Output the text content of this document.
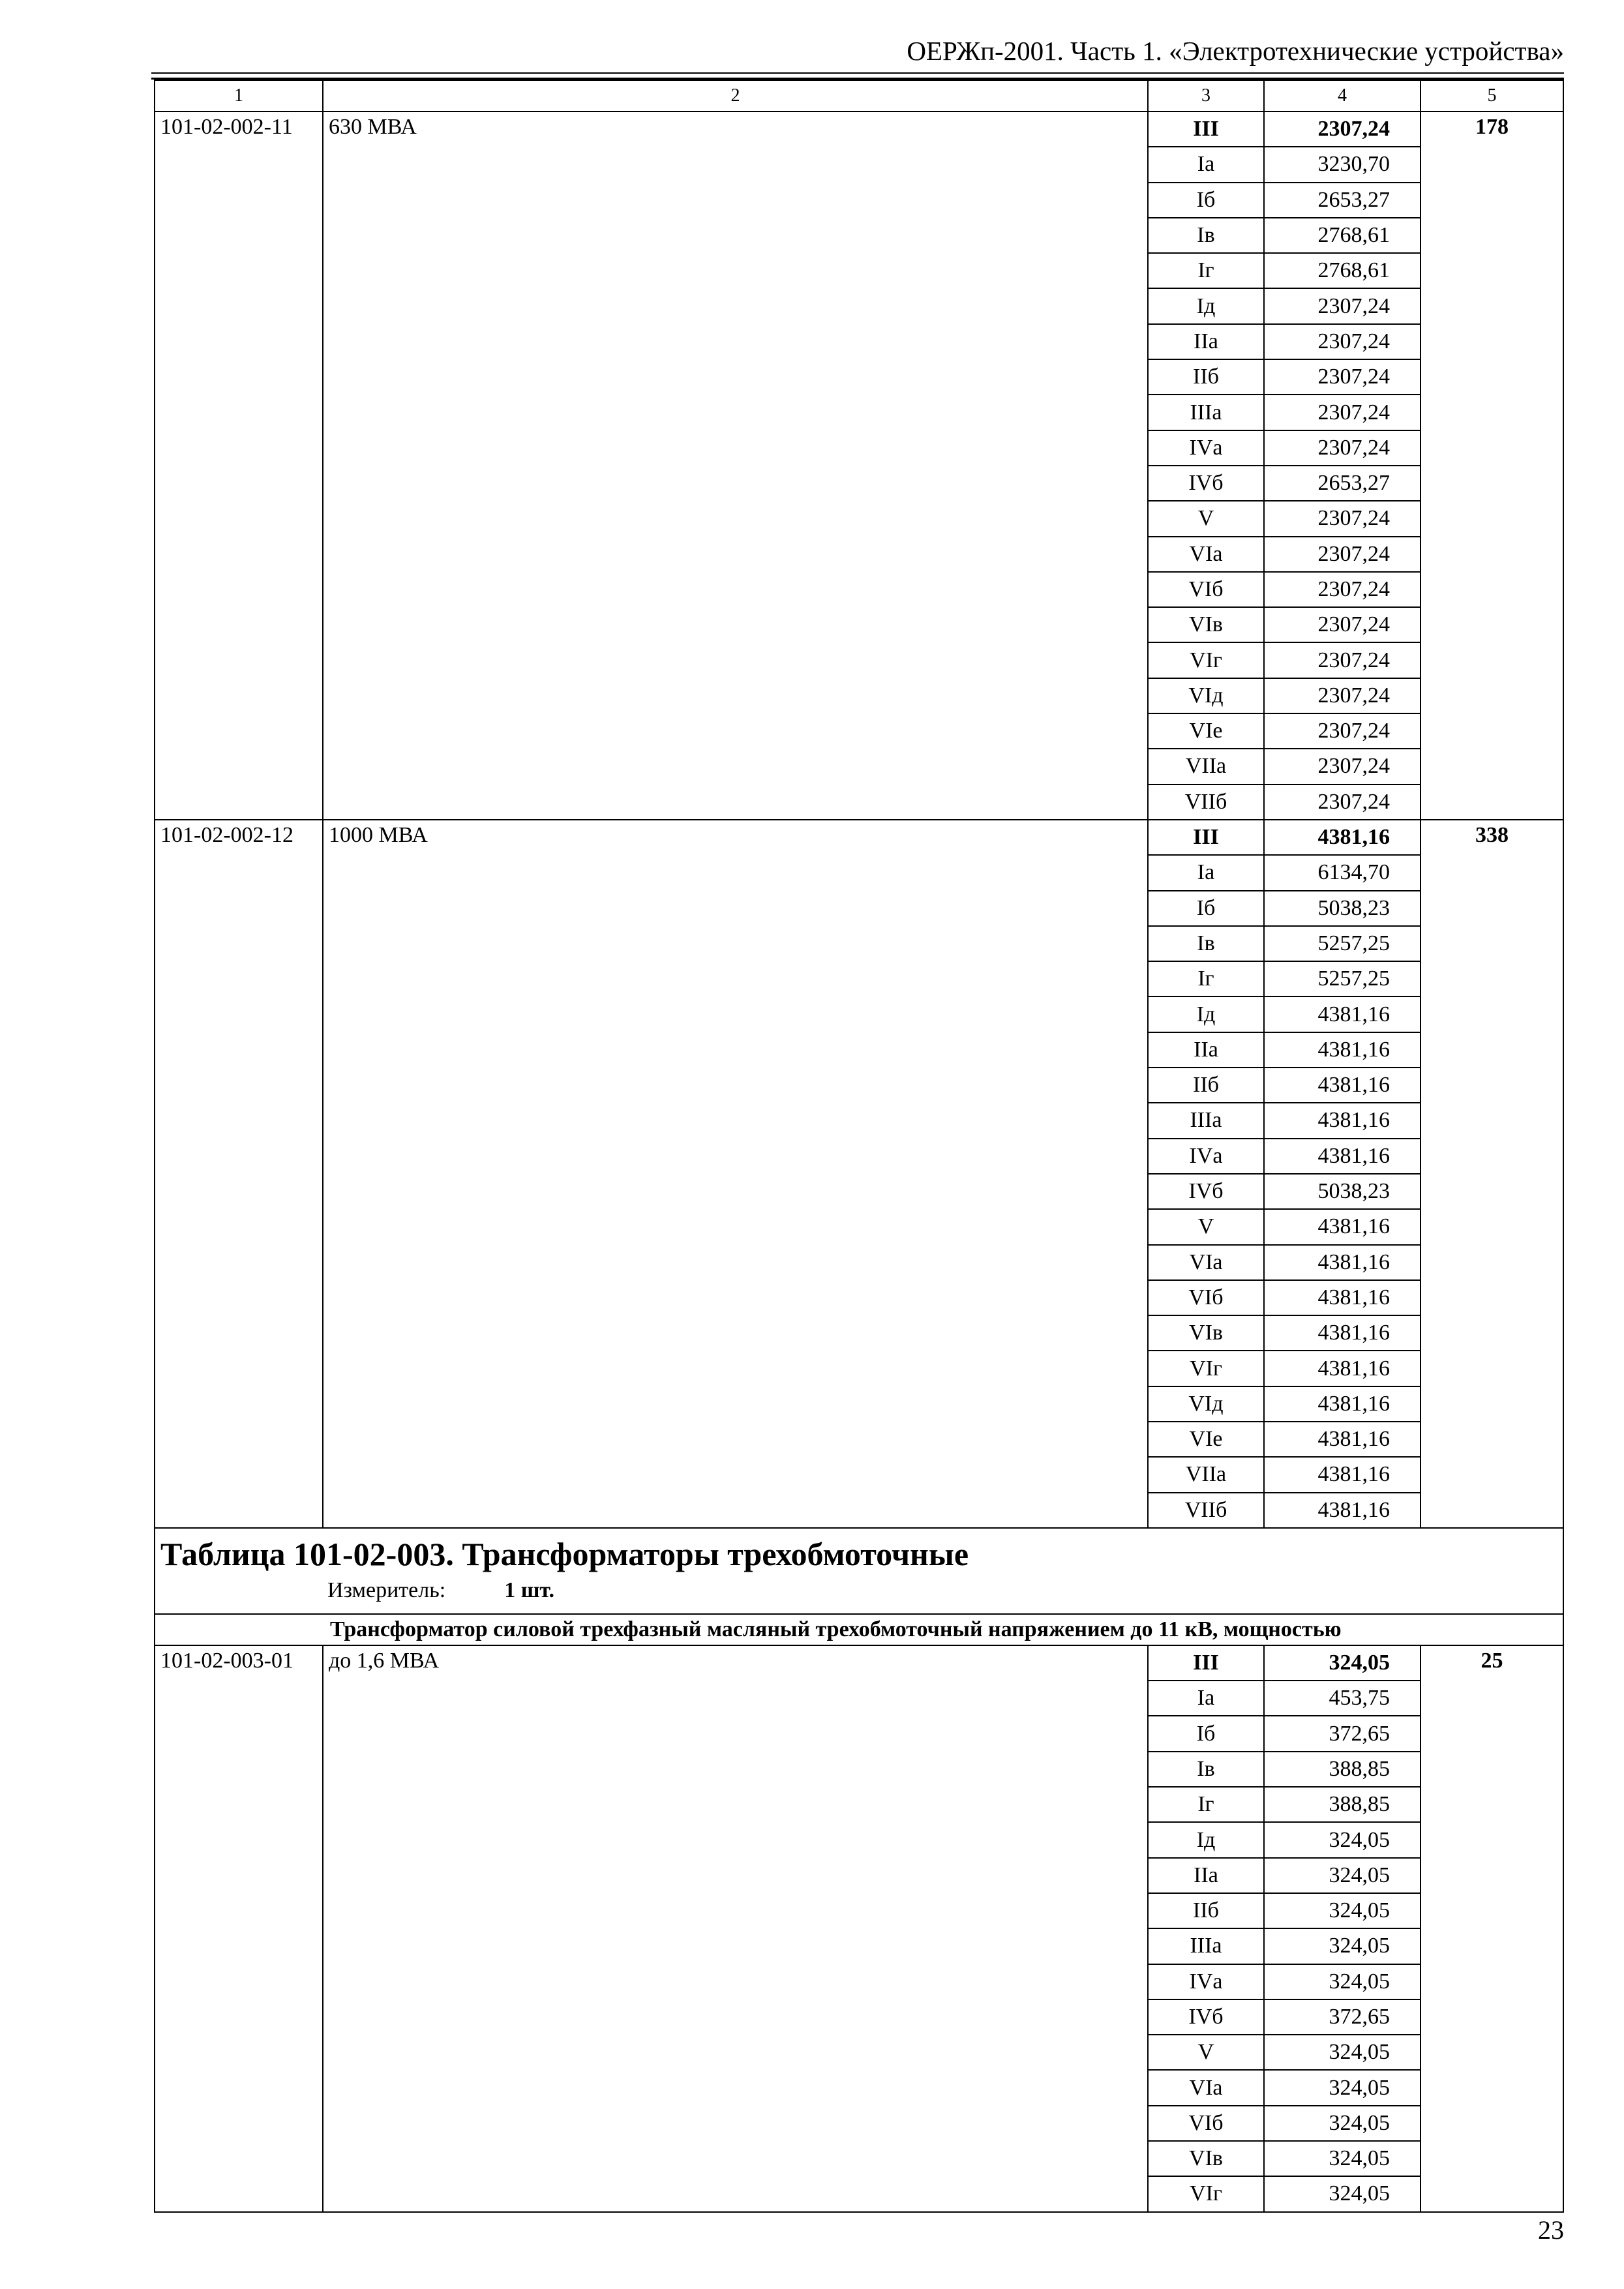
ОЕРЖп-2001. Часть 1. «Электротехнические устройства»
1	2	3	4	5
101-02-002-11	630 МВА	III	2307,24	178
		Iа	3230,70	
		Iб	2653,27	
		Iв	2768,61	
		Iг	2768,61	
		Iд	2307,24	
		IIа	2307,24	
		IIб	2307,24	
		IIIа	2307,24	
		IVа	2307,24	
		IVб	2653,27	
		V	2307,24	
		VIа	2307,24	
		VIб	2307,24	
		VIв	2307,24	
		VIг	2307,24	
		VIд	2307,24	
		VIе	2307,24	
		VIIа	2307,24	
		VIIб	2307,24	
101-02-002-12	1000 МВА	III	4381,16	338
		Iа	6134,70	
		Iб	5038,23	
		Iв	5257,25	
		Iг	5257,25	
		Iд	4381,16	
		IIа	4381,16	
		IIб	4381,16	
		IIIа	4381,16	
		IVа	4381,16	
		IVб	5038,23	
		V	4381,16	
		VIа	4381,16	
		VIб	4381,16	
		VIв	4381,16	
		VIг	4381,16	
		VIд	4381,16	
		VIе	4381,16	
		VIIа	4381,16	
		VIIб	4381,16	

Таблица 101-02-003. Трансформаторы трехобмоточные
Измеритель: 1 шт.				

Трансформатор силовой трехфазный масляный трехобмоточный напряжением до 11 кВ, мощностью				
101-02-003-01	до 1,6 МВА	III	324,05	25
		Iа	453,75	
		Iб	372,65	
		Iв	388,85	
		Iг	388,85	
		Iд	324,05	
		IIа	324,05	
		IIб	324,05	
		IIIа	324,05	
		IVа	324,05	
		IVб	372,65	
		V	324,05	
		VIа	324,05	
		VIб	324,05	
		VIв	324,05	
		VIг	324,05	
23
